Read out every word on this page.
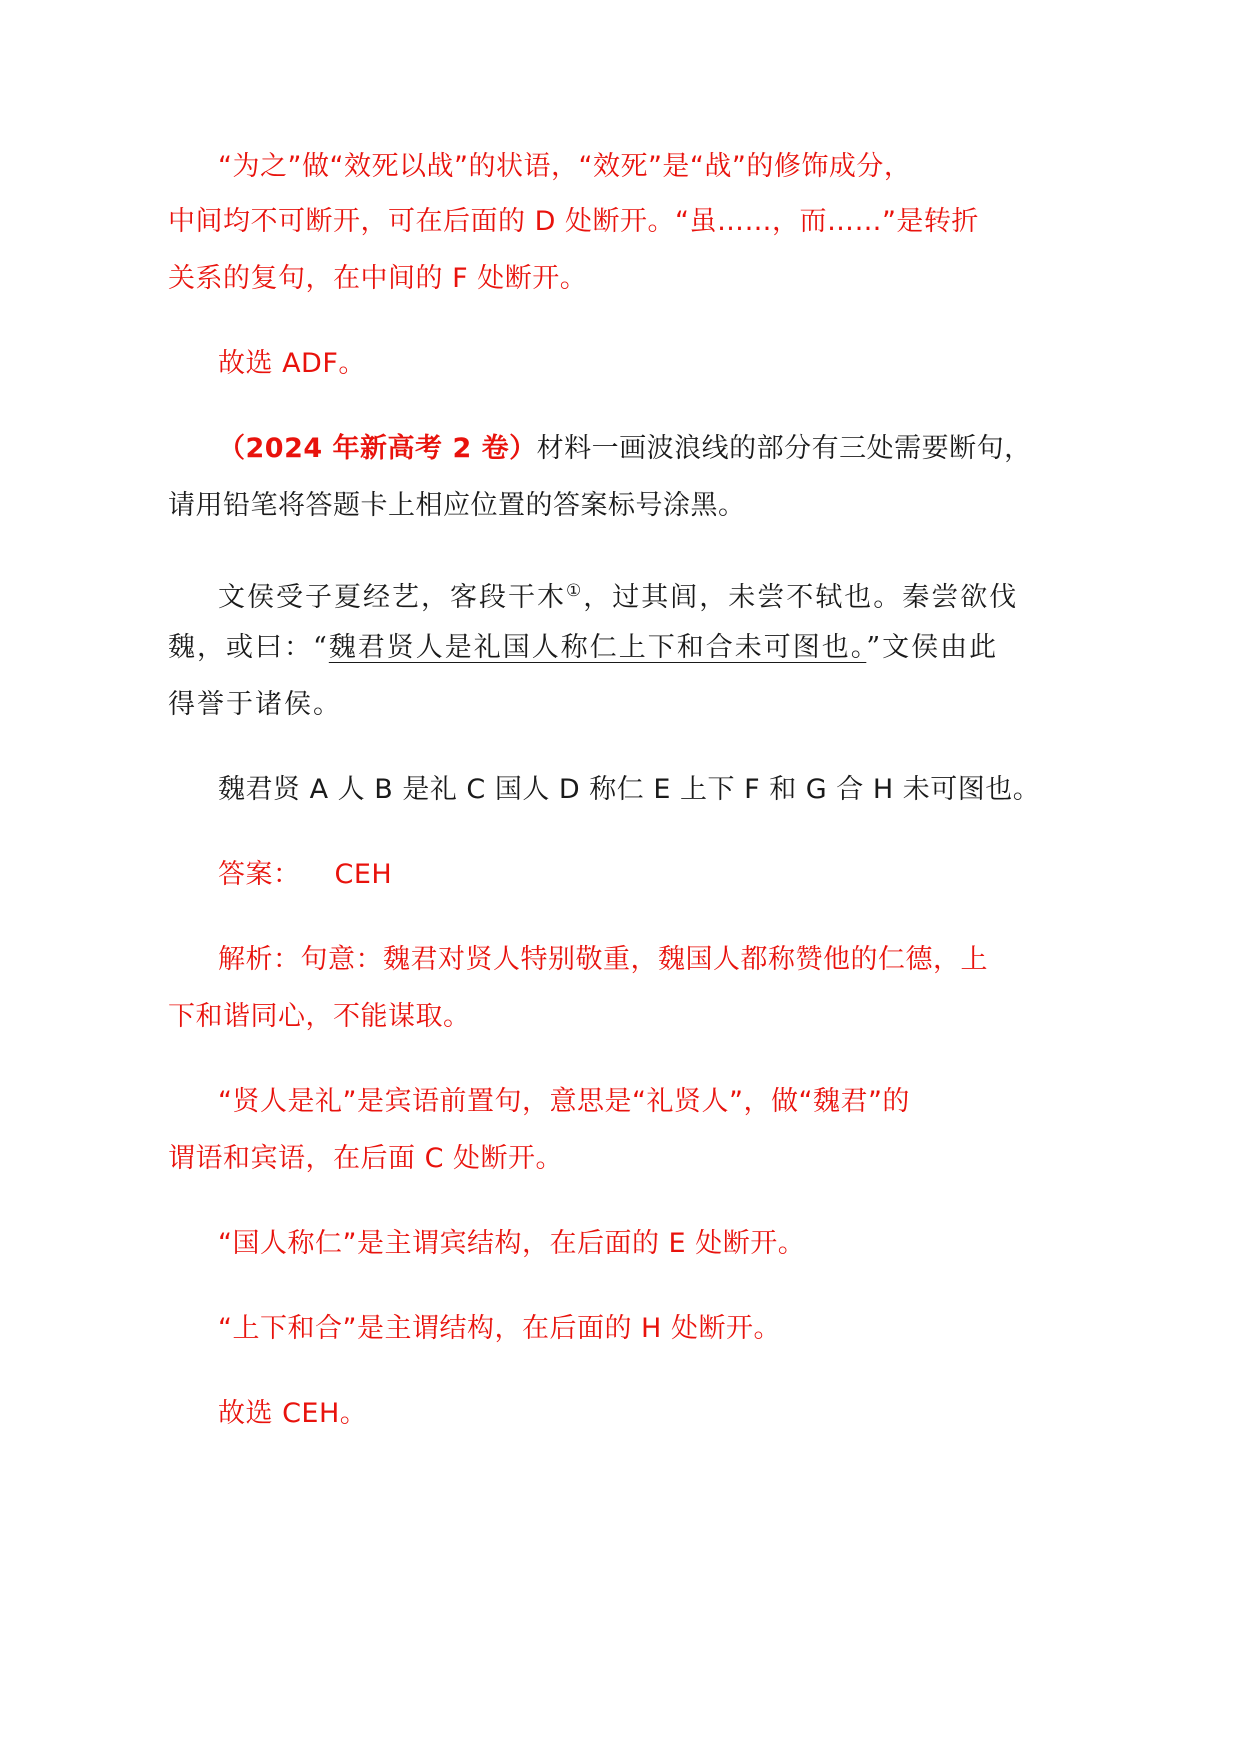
“为之”做“效死以战”的状语，“效死”是“战”的修饰成分，
中间均不可断开，可在后面的 D 处断开。“虽……，而……”是转折
关系的复句，在中间的 F 处断开。
故选 ADF。
（2024 年新高考 2 卷）材料一画波浪线的部分有三处需要断句，
请用铅笔将答题卡上相应位置的答案标号涂黑。
文侯受子夏经艺，客段干木①，过其闾，未尝不轼也。秦尝欲伐
魏，或曰：“魏君贤人是礼国人称仁上下和合未可图也。”文侯由此
得誉于诸侯。
魏君贤 A 人 B 是礼 C 国人 D 称仁 E 上下 F 和 G 合 H 未可图也。
答案： CEH
解析：句意：魏君对贤人特别敬重，魏国人都称赞他的仁德，上
下和谐同心，不能谋取。
“贤人是礼”是宾语前置句，意思是“礼贤人”，做“魏君”的
谓语和宾语，在后面 C 处断开。
“国人称仁”是主谓宾结构，在后面的 E 处断开。
“上下和合”是主谓结构，在后面的 H 处断开。
故选 CEH。
